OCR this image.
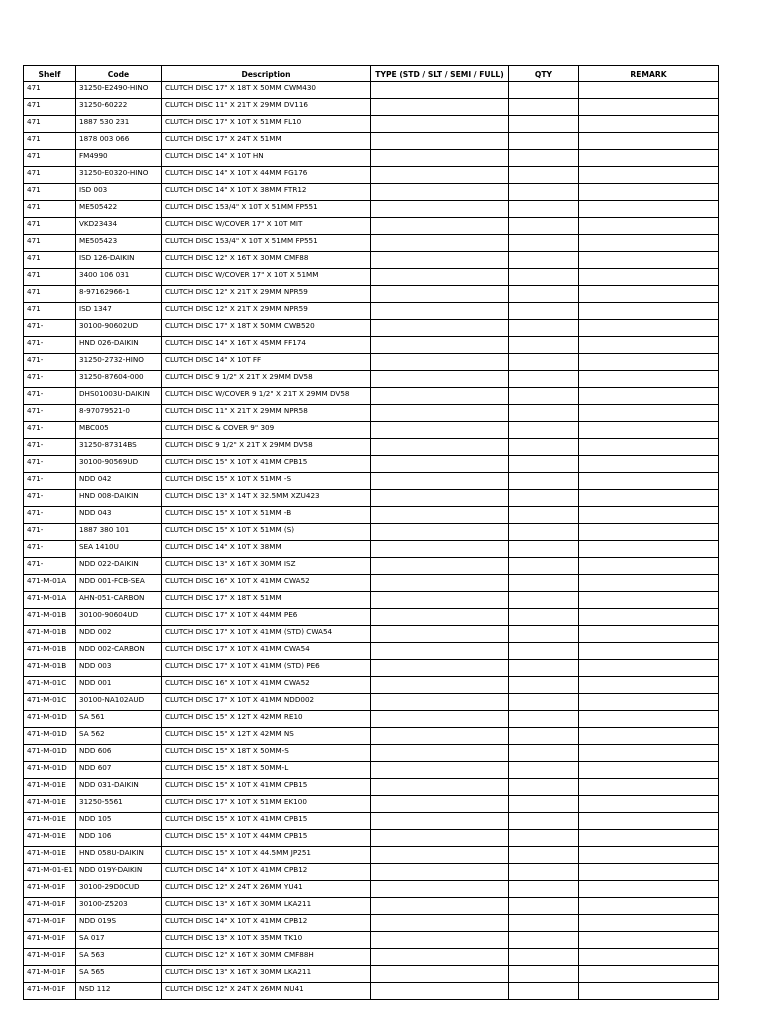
Shelf	Code	Description	TYPE (STD / SLT / SEMI / FULL)	QTY	REMARK
471	31250-E2490-HINO	CLUTCH DISC 17" X 18T X 50MM CWM430			
471	31250-60222	CLUTCH DISC 11" X 21T X 29MM DV116			
471	1887 530 231	CLUTCH DISC 17" X 10T X 51MM FL10			
471	1878 003 066	CLUTCH DISC 17" X 24T X 51MM			
471	FM4990	CLUTCH DISC 14" X 10T HN			
471	31250-E0320-HINO	CLUTCH DISC 14" X 10T X 44MM FG176			
471	ISD 003	CLUTCH DISC 14" X 10T X 38MM FTR12			
471	ME505422	CLUTCH DISC 153/4" X 10T X 51MM FP551			
471	VKD23434	CLUTCH DISC W/COVER 17" X 10T MIT			
471	ME505423	CLUTCH DISC 153/4" X 10T X 51MM FP551			
471	ISD 126-DAIKIN	CLUTCH DISC 12" X 16T X 30MM CMF88			
471	3400 106 031	CLUTCH DISC W/COVER 17" X 10T X 51MM			
471	8-97162966-1	CLUTCH DISC 12" X 21T X 29MM NPR59			
471	ISD 1347	CLUTCH DISC 12" X 21T X 29MM NPR59			
471-	30100-90602UD	CLUTCH DISC 17" X 18T X 50MM CWB520			
471-	HND 026-DAIKIN	CLUTCH DISC 14" X 16T X 45MM FF174			
471-	31250-2732-HINO	CLUTCH DISC 14" X 10T FF			
471-	31250-87604-000	CLUTCH DISC 9 1/2" X 21T X 29MM DV58			
471-	DHS01003U-DAIKIN	CLUTCH DISC W/COVER 9 1/2" X 21T X 29MM DV58			
471-	8-97079521-0	CLUTCH DISC 11" X 21T X 29MM NPR58			
471-	MBC005	CLUTCH DISC & COVER 9" 309			
471-	31250-87314BS	CLUTCH DISC 9 1/2" X 21T X 29MM DV58			
471-	30100-90569UD	CLUTCH DISC 15" X 10T X 41MM CPB15			
471-	NDD 042	CLUTCH DISC 15" X 10T X 51MM -S			
471-	HND 008-DAIKIN	CLUTCH DISC 13" X 14T X 32.5MM XZU423			
471-	NDD 043	CLUTCH DISC 15" X 10T X 51MM -B			
471-	1887 380 101	CLUTCH DISC 15" X 10T X 51MM (S)			
471-	SEA 1410U	CLUTCH DISC 14" X 10T X 38MM			
471-	NDD 022-DAIKIN	CLUTCH DISC 13" X 16T X 30MM ISZ			
471-M-01A	NDD 001-FCB-SEA	CLUTCH DISC 16" X 10T X 41MM CWA52			
471-M-01A	AHN-051-CARBON	CLUTCH DISC 17" X 18T X 51MM			
471-M-01B	30100-90604UD	CLUTCH DISC 17" X 10T X 44MM PE6			
471-M-01B	NDD 002	CLUTCH DISC 17" X 10T X 41MM (STD) CWA54			
471-M-01B	NDD 002-CARBON	CLUTCH DISC 17" X 10T X 41MM CWA54			
471-M-01B	NDD 003	CLUTCH DISC 17" X 10T X 41MM (STD) PE6			
471-M-01C	NDD 001	CLUTCH DISC 16" X 10T X 41MM CWA52			
471-M-01C	30100-NA102AUD	CLUTCH DISC 17" X 10T X 41MM NDD002			
471-M-01D	SA 561	CLUTCH DISC 15" X 12T X 42MM RE10			
471-M-01D	SA 562	CLUTCH DISC 15" X 12T X 42MM NS			
471-M-01D	NDD 606	CLUTCH DISC 15" X 18T X 50MM-S			
471-M-01D	NDD 607	CLUTCH DISC 15" X 18T X 50MM-L			
471-M-01E	NDD 031-DAIKIN	CLUTCH DISC 15" X 10T X 41MM CPB15			
471-M-01E	31250-5561	CLUTCH DISC 17" X 10T X 51MM EK100			
471-M-01E	NDD 105	CLUTCH DISC 15" X 10T X 41MM CPB15			
471-M-01E	NDD 106	CLUTCH DISC 15" X 10T X 44MM CPB15			
471-M-01E	HND 058U-DAIKIN	CLUTCH DISC 15" X 10T X 44.5MM JP251			
471-M-01-E1	NDD 019Y-DAIKIN	CLUTCH DISC 14" X 10T X 41MM CPB12			
471-M-01F	30100-29D0CUD	CLUTCH DISC 12" X 24T X 26MM YU41			
471-M-01F	30100-Z5203	CLUTCH DISC 13" X 16T X 30MM LKA211			
471-M-01F	NDD 019S	CLUTCH DISC 14" X 10T X 41MM CPB12			
471-M-01F	SA 017	CLUTCH DISC 13" X 10T X 35MM TK10			
471-M-01F	SA 563	CLUTCH DISC 12" X 16T X 30MM CMF88H			
471-M-01F	SA 565	CLUTCH DISC 13" X 16T X 30MM LKA211			
471-M-01F	NSD 112	CLUTCH DISC 12" X 24T X 26MM NU41			
